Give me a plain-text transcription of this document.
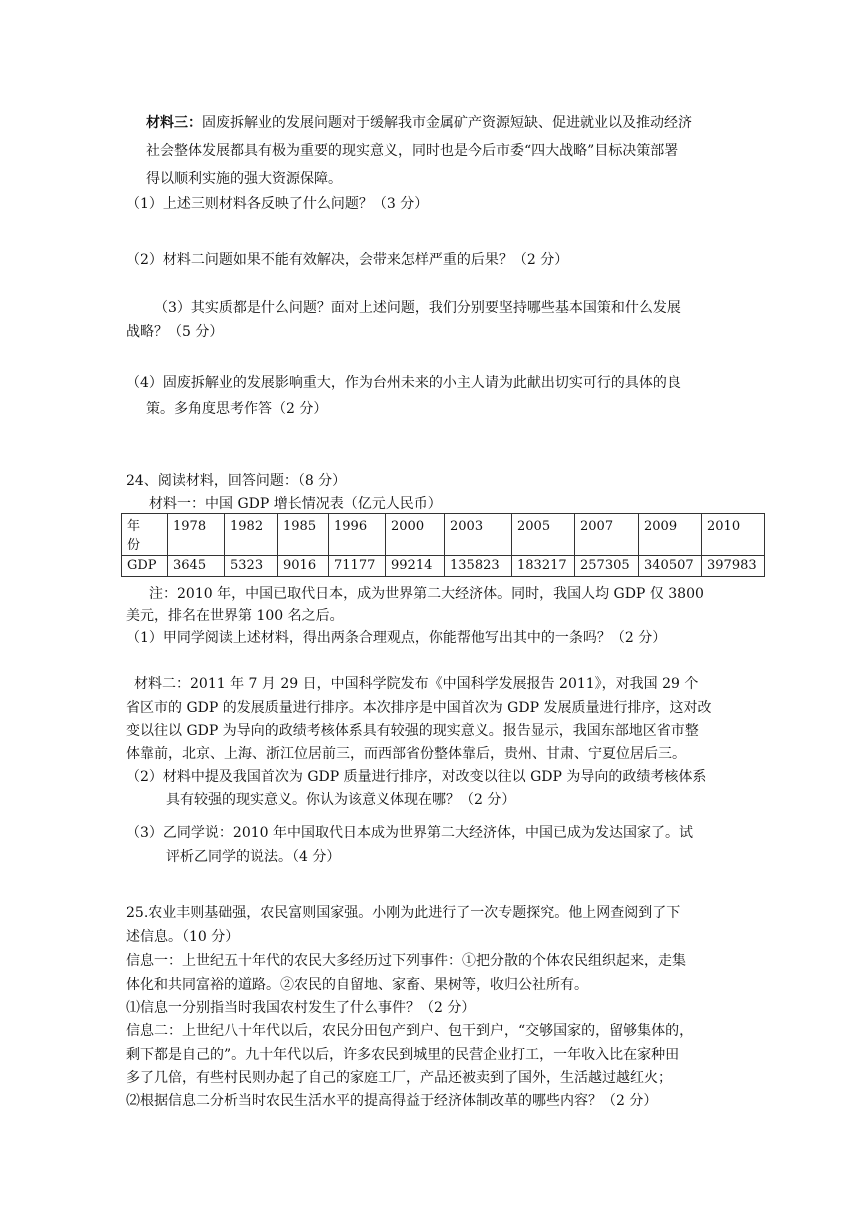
材料三：固废拆解业的发展问题对于缓解我市金属矿产资源短缺、促进就业以及推动经济
社会整体发展都具有极为重要的现实意义，同时也是今后市委“四大战略”目标决策部署
得以顺利实施的强大资源保障。
（1）上述三则材料各反映了什么问题？（3 分）
（2）材料二问题如果不能有效解决，会带来怎样严重的后果？（2 分）
（3）其实质都是什么问题？面对上述问题，我们分别要坚持哪些基本国策和什么发展
战略？（5 分）
（4）固废拆解业的发展影响重大，作为台州未来的小主人请为此献出切实可行的具体的良
策。多角度思考作答（2 分）
24、阅读材料，回答问题：（8 分）
材料一：中国 GDP 增长情况表（亿元人民币）
年
份	1978	1982	1985	1996	2000	2003	2005	2007	2009	2010
GDP	3645	5323	9016	71177	99214	135823	183217	257305	340507	397983
注：2010 年，中国已取代日本，成为世界第二大经济体。同时，我国人均 GDP 仅 3800
美元，排名在世界第 100 名之后。
（1）甲同学阅读上述材料，得出两条合理观点，你能帮他写出其中的一条吗？（2 分）
材料二：2011 年 7 月 29 日，中国科学院发布《中国科学发展报告 2011》，对我国 29 个
省区市的 GDP 的发展质量进行排序。本次排序是中国首次为 GDP 发展质量进行排序，这对改
变以往以 GDP 为导向的政绩考核体系具有较强的现实意义。报告显示，我国东部地区省市整
体靠前，北京、上海、浙江位居前三，而西部省份整体靠后，贵州、甘肃、宁夏位居后三。
（2）材料中提及我国首次为 GDP 质量进行排序，对改变以往以 GDP 为导向的政绩考核体系
具有较强的现实意义。你认为该意义体现在哪？（2 分）
（3）乙同学说：2010 年中国取代日本成为世界第二大经济体，中国已成为发达国家了。试
评析乙同学的说法。（4 分）
25.农业丰则基础强，农民富则国家强。小刚为此进行了一次专题探究。他上网查阅到了下
述信息。（10 分）
信息一：上世纪五十年代的农民大多经历过下列事件：①把分散的个体农民组织起来，走集
体化和共同富裕的道路。②农民的自留地、家畜、果树等，收归公社所有。
⑴信息一分别指当时我国农村发生了什么事件？（2 分）
信息二：上世纪八十年代以后，农民分田包产到户、包干到户，“交够国家的，留够集体的，
剩下都是自己的”。九十年代以后，许多农民到城里的民营企业打工，一年收入比在家种田
多了几倍，有些村民则办起了自己的家庭工厂，产品还被卖到了国外，生活越过越红火；
⑵根据信息二分析当时农民生活水平的提高得益于经济体制改革的哪些内容？（2 分）
